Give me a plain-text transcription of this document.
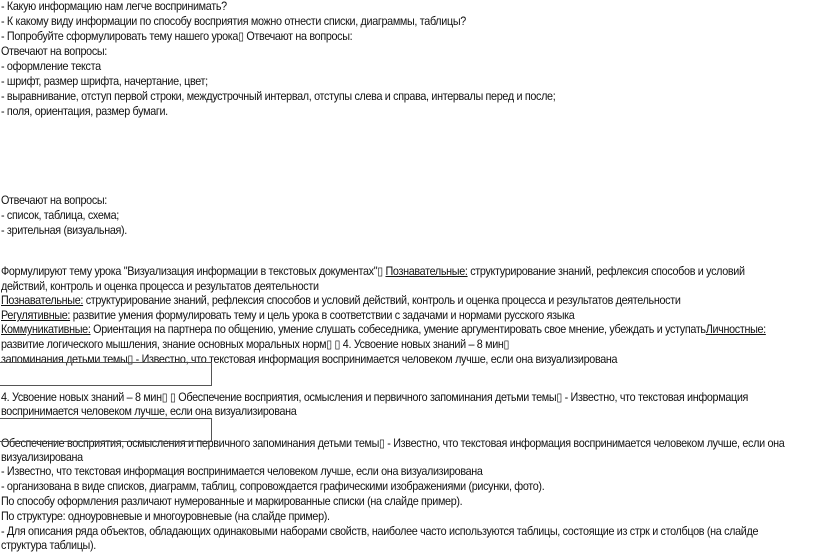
- Какую информацию нам легче воспринимать?
- К какому виду информации по способу восприятия можно отнести списки, диаграммы, таблицы?
- Попробуйте сформулировать тему нашего урока▯ Отвечают на вопросы:
Отвечают на вопросы:
- оформление текста
- шрифт, размер шрифта, начертание, цвет;
- выравнивание, отступ первой строки, междустрочный интервал, отступы слева и справа, интервалы перед и после;
- поля, ориентация, размер бумаги.
Отвечают на вопросы:
- список, таблица, схема;
- зрительная (визуальная).
Формулируют тему урока "Визуализация информации в текстовых документах"▯ Познавательные: структурирование знаний, рефлексия способов и условий
действий, контроль и оценка процесса и результатов деятельности
Познавательные: структурирование знаний, рефлексия способов и условий действий, контроль и оценка процесса и результатов деятельности
Регулятивные: развитие умения формулировать тему и цель урока в соответствии с задачами и нормами русского языка
Коммуникативные: Ориентация на партнера по общению, умение слушать собеседника, умение аргументировать свое мнение, убеждать и уступатьЛичностные:
развитие логического мышления, знание основных моральных норм▯ ▯ 4. Усвоение новых знаний – 8 мин▯
запоминания детьми темы▯ - Известно, что текстовая информация воспринимается человеком лучше, если она визуализирована
4. Усвоение новых знаний – 8 мин▯ ▯ Обеспечение восприятия, осмысления и первичного запоминания детьми темы▯ - Известно, что текстовая информация
воспринимается человеком лучше, если она визуализирована
Обеспечение восприятия, осмысления и первичного запоминания детьми темы▯ - Известно, что текстовая информация воспринимается человеком лучше, если она
визуализирована
- Известно, что текстовая информация воспринимается человеком лучше, если она визуализирована
- организована в виде списков, диаграмм, таблиц, сопровождается графическими изображениями (рисунки, фото).
По способу оформления различают нумерованные и маркированные списки (на слайде пример).
По структуре: одноуровневые и многоуровневые (на слайде пример).
- Для описания ряда объектов, обладающих одинаковыми наборами свойств, наиболее часто используются таблицы, состоящие из стрк и столбцов (на слайде
структура таблицы).
